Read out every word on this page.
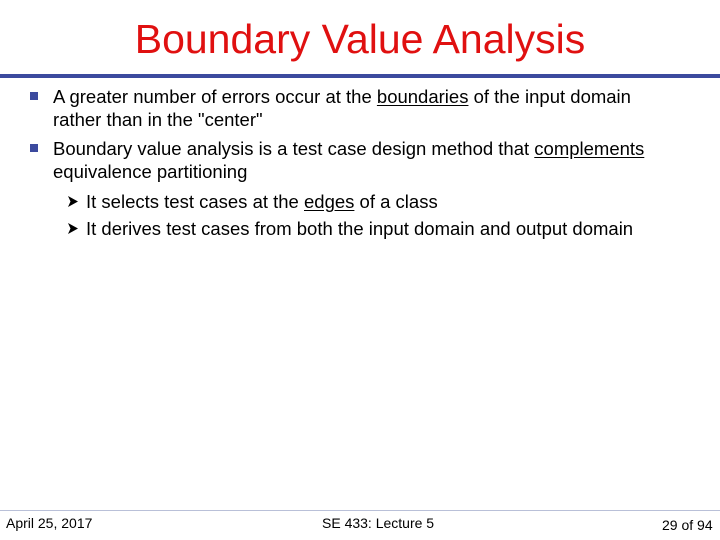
Boundary Value Analysis
A greater number of errors occur at the boundaries of the input domain
rather than in the "center"
Boundary value analysis is a test case design method that complements
equivalence partitioning
It selects test cases at the edges of a class
It derives test cases from both the input domain and output domain
April 25, 2017	SE 433: Lecture 5	29 of 94
